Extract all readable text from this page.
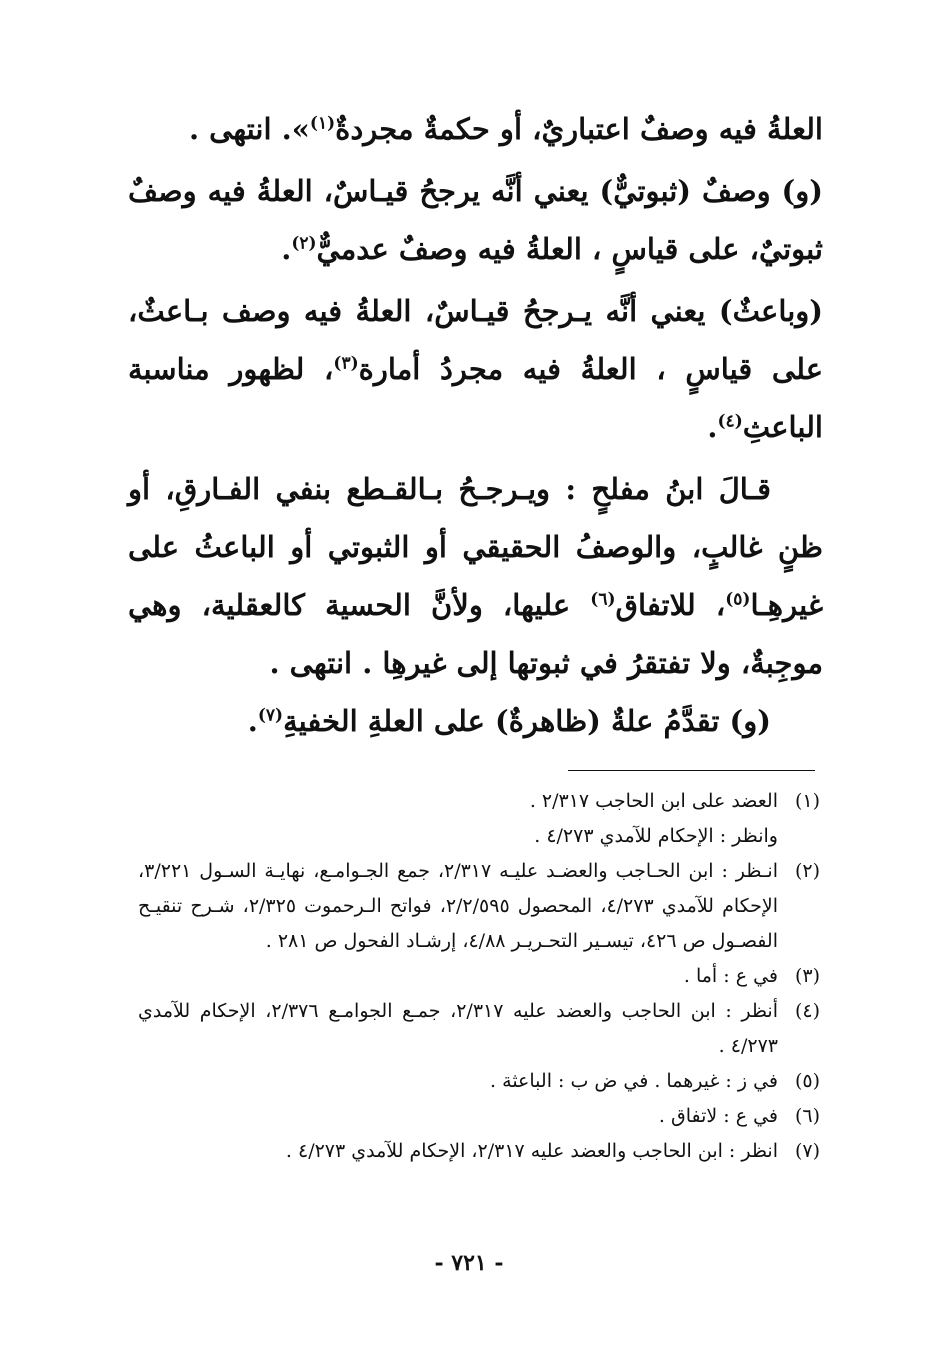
العلةُ فيه وصفٌ اعتباريٌ، أو حكمةٌ مجردةٌ$^{(١)}$». انتهى .

(و) وصفٌ (ثبوتيٌّ) يعني أنَّه يرجحُ قيـاسٌ، العلةُ فيه وصفٌ ثبوتيٌ، على قياسٍ ، العلةُ فيه وصفٌ عدميٌّ$^{(٢)}$.

(وباعثٌ) يعني أنَّه يـرجحُ قيـاسٌ، العلةُ فيه وصف بـاعثٌ، على قياسٍ ، العلةُ فيه مجردُ أمارة$^{(٣)}$، لظهور مناسبة الباعثِ$^{(٤)}$.

قـالَ ابنُ مفلحٍ : ويـرجـحُ بـالقـطع بنفي الفـارقِ، أو ظنٍ غالبٍ، والوصفُ الحقيقي أو الثبوتي أو الباعثُ على غيرهِـا$^{(٥)}$، للاتفاق$^{(٦)}$ عليها، ولأنَّ الحسية كالعقلية، وهي موجِبةٌ، ولا تفتقرُ في ثبوتها إلى غيرهِا . انتهى .

(و) تقدَّمُ علةٌ (ظاهرةٌ) على العلةِ الخفيةِ$^{(٧)}$.

(١)

العضد على ابن الحاجب ٢/٣١٧ .

وانظر : الإحكام للآمدي ٤/٢٧٣ .

(٢)

انـظر : ابن الحـاجب والعضـد عليـه ٢/٣١٧، جمع الجـوامـع، نهايـة السـول ٣/٢٢١، الإحكام للآمدي ٤/٢٧٣، المحصول ٢/٢/٥٩٥، فواتح الـرحموت ٢/٣٢٥، شـرح تنقيـح الفصـول ص ٤٢٦، تيسـير التحـريـر ٤/٨٨، إرشـاد الفحول ص ٢٨١ .

(٣)

في ع : أما .

(٤)

أنظر : ابن الحاجب والعضد عليه ٢/٣١٧، جمـع الجوامـع ٢/٣٧٦، الإحكام للآمدي ٤/٢٧٣ .

(٥)

في ز : غيرهما . في ض ب : الباعثة .

(٦)

في ع : لاتفاق .

(٧)

انظر : ابن الحاجب والعضد عليه ٢/٣١٧، الإحكام للآمدي ٤/٢٧٣ .

- ٧٢١ -
